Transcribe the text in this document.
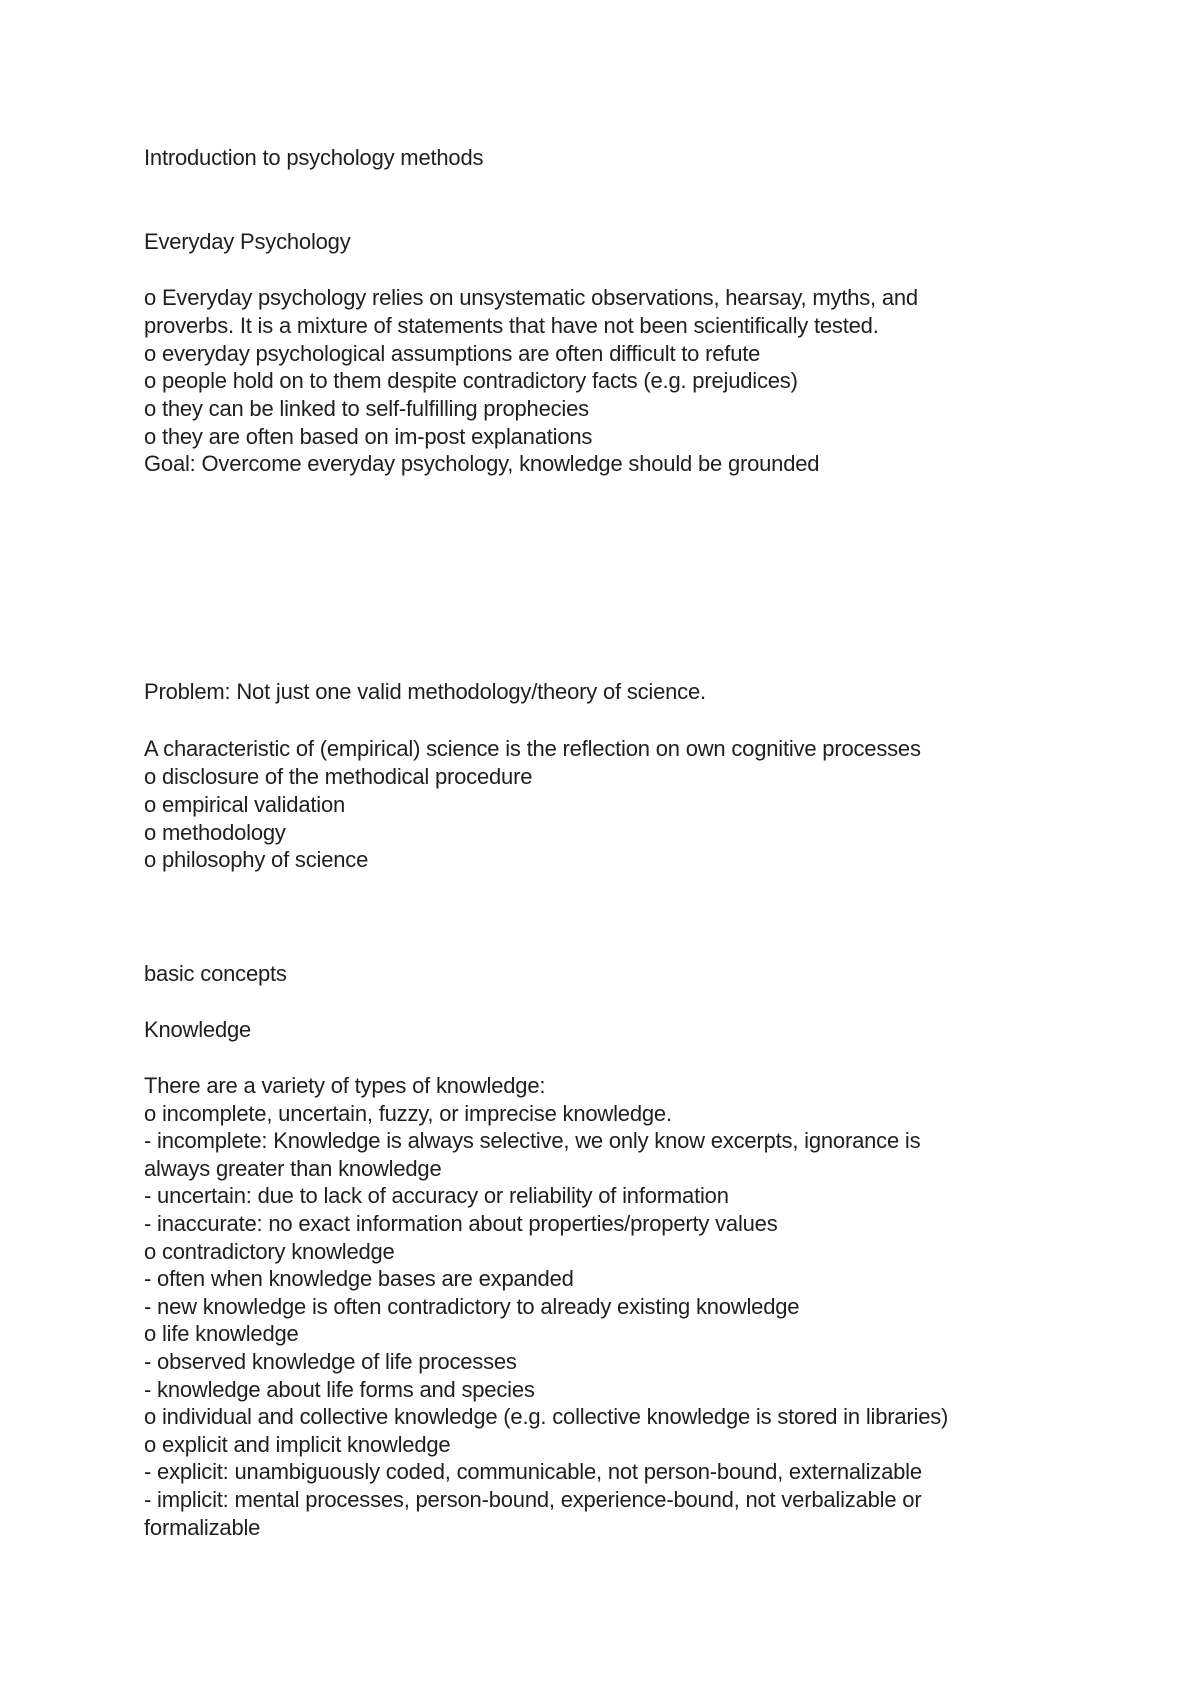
Introduction to psychology methods
Everyday Psychology
o Everyday psychology relies on unsystematic observations, hearsay, myths, and
proverbs. It is a mixture of statements that have not been scientifically tested.
o everyday psychological assumptions are often difficult to refute
o people hold on to them despite contradictory facts (e.g. prejudices)
o they can be linked to self-fulfilling prophecies
o they are often based on im-post explanations
Goal: Overcome everyday psychology, knowledge should be grounded
Problem: Not just one valid methodology/theory of science.
A characteristic of (empirical) science is the reflection on own cognitive processes
o disclosure of the methodical procedure
o empirical validation
o methodology
o philosophy of science
basic concepts
Knowledge
There are a variety of types of knowledge:
o incomplete, uncertain, fuzzy, or imprecise knowledge.
- incomplete: Knowledge is always selective, we only know excerpts, ignorance is
always greater than knowledge
- uncertain: due to lack of accuracy or reliability of information
- inaccurate: no exact information about properties/property values
o contradictory knowledge
- often when knowledge bases are expanded
- new knowledge is often contradictory to already existing knowledge
o life knowledge
- observed knowledge of life processes
- knowledge about life forms and species
o individual and collective knowledge (e.g. collective knowledge is stored in libraries)
o explicit and implicit knowledge
- explicit: unambiguously coded, communicable, not person-bound, externalizable
- implicit: mental processes, person-bound, experience-bound, not verbalizable or
formalizable
